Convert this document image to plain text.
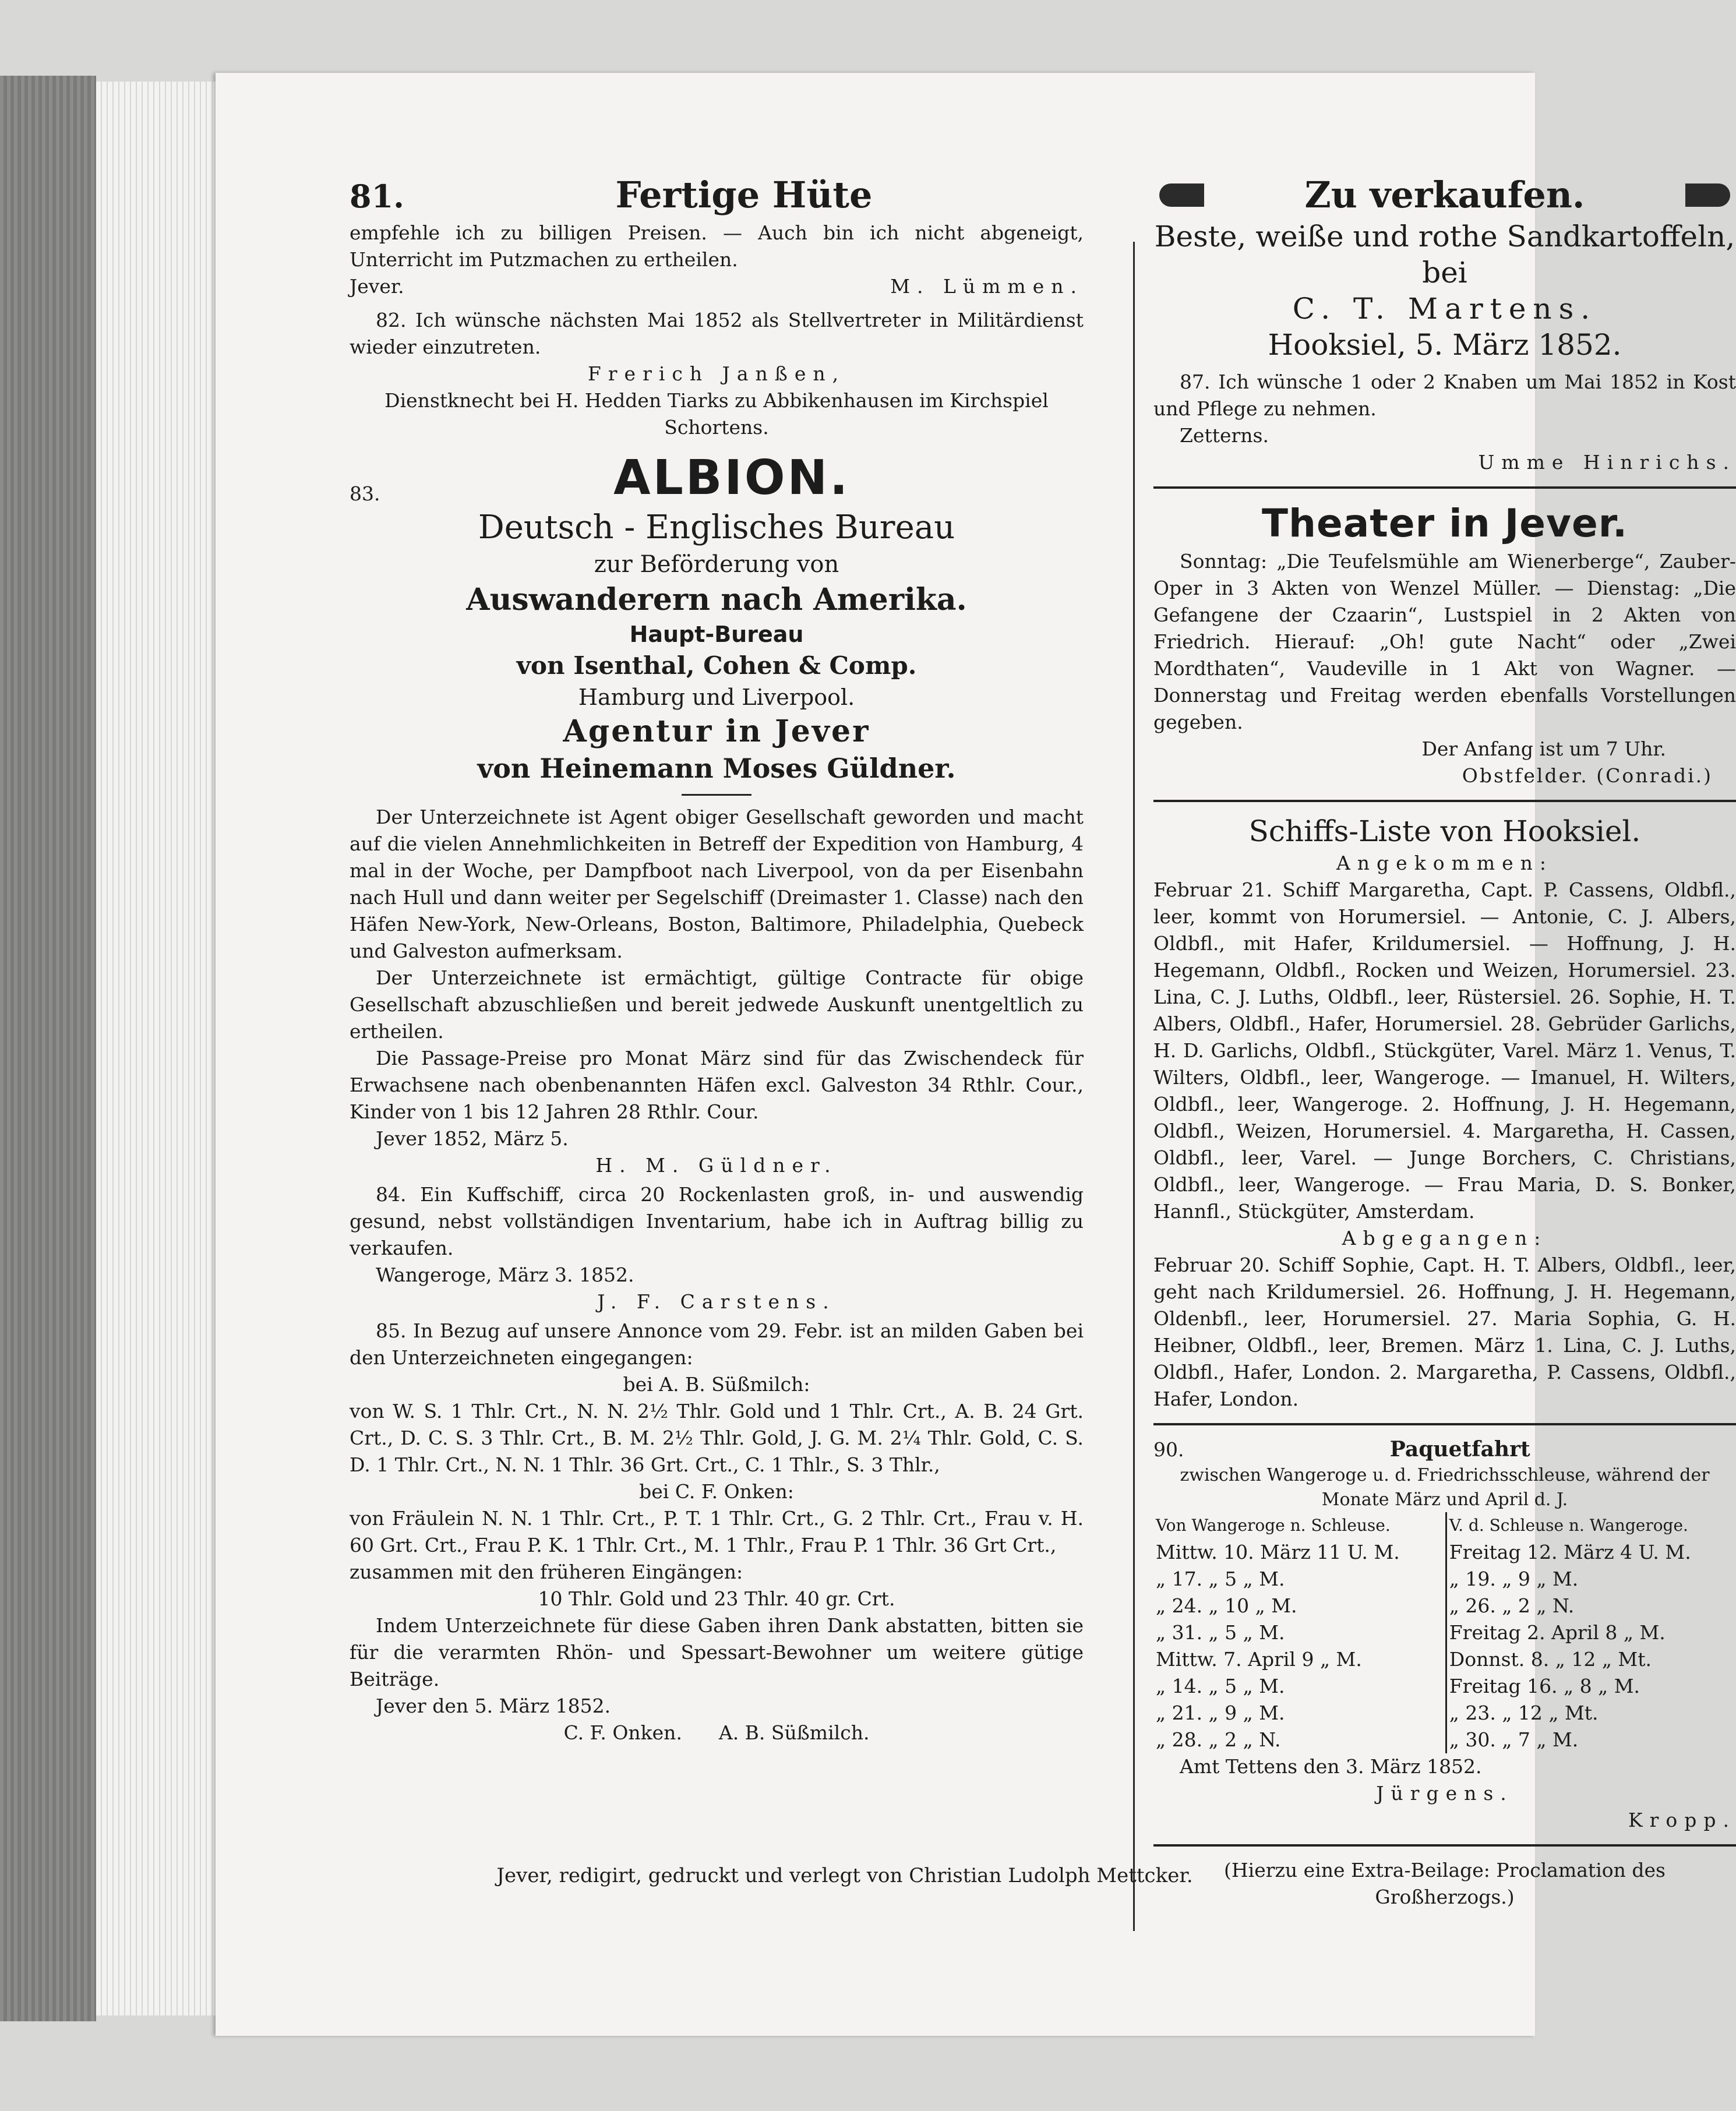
81.	Fertige Hüte

empfehle ich zu billigen Preisen. — Auch bin ich nicht abgeneigt, Unterricht im Putzmachen zu ertheilen.

Jever.	M. Lümmen.

82. Ich wünsche nächsten Mai 1852 als Stellvertreter in Militärdienst wieder einzutreten.

Frerich Janßen,

Dienstknecht bei H. Hedden Tiarks zu Abbikenhausen im Kirchspiel Schortens.

83.	ALBION.

Deutsch - Englisches Bureau

zur Beförderung von

Auswanderern nach Amerika.

Haupt-Bureau

von Isenthal, Cohen & Comp.

Hamburg und Liverpool.

Agentur in Jever

von Heinemann Moses Güldner.

Der Unterzeichnete ist Agent obiger Gesellschaft geworden und macht auf die vielen Annehmlichkeiten in Betreff der Expedition von Hamburg, 4 mal in der Woche, per Dampfboot nach Liverpool, von da per Eisenbahn nach Hull und dann weiter per Segelschiff (Dreimaster 1. Classe) nach den Häfen New-York, New-Orleans, Boston, Baltimore, Philadelphia, Quebeck und Galveston aufmerksam.

Der Unterzeichnete ist ermächtigt, gültige Contracte für obige Gesellschaft abzuschließen und bereit jedwede Auskunft unentgeltlich zu ertheilen.

Die Passage-Preise pro Monat März sind für das Zwischendeck für Erwachsene nach obenbenannten Häfen excl. Galveston 34 Rthlr. Cour., Kinder von 1 bis 12 Jahren 28 Rthlr. Cour.

Jever 1852, März 5.

H. M. Güldner.

84. Ein Kuffschiff, circa 20 Rockenlasten groß, in- und auswendig gesund, nebst vollständigen Inventarium, habe ich in Auftrag billig zu verkaufen.

Wangeroge, März 3. 1852.

J. F. Carstens.

85. In Bezug auf unsere Annonce vom 29. Febr. ist an milden Gaben bei den Unterzeichneten eingegangen:

bei A. B. Süßmilch:

von W. S. 1 Thlr. Crt., N. N. 2½ Thlr. Gold und 1 Thlr. Crt., A. B. 24 Grt. Crt., D. C. S. 3 Thlr. Crt., B. M. 2½ Thlr. Gold, J. G. M. 2¼ Thlr. Gold, C. S. D. 1 Thlr. Crt., N. N. 1 Thlr. 36 Grt. Crt., C. 1 Thlr., S. 3 Thlr.,

bei C. F. Onken:

von Fräulein N. N. 1 Thlr. Crt., P. T. 1 Thlr. Crt., G. 2 Thlr. Crt., Frau v. H. 60 Grt. Crt., Frau P. K. 1 Thlr. Crt., M. 1 Thlr., Frau P. 1 Thlr. 36 Grt Crt.,

zusammen mit den früheren Eingängen:

10 Thlr. Gold und 23 Thlr. 40 gr. Crt.

Indem Unterzeichnete für diese Gaben ihren Dank abstatten, bitten sie für die verarmten Rhön- und Spessart-Bewohner um weitere gütige Beiträge.

Jever den 5. März 1852.

C. F. Onken.      A. B. Süßmilch.

Zu verkaufen.

Beste, weiße und rothe Sandkartoffeln, bei

C. T. Martens.

Hooksiel, 5. März 1852.

87. Ich wünsche 1 oder 2 Knaben um Mai 1852 in Kost und Pflege zu nehmen.

Zetterns.

Umme Hinrichs.

Theater in Jever.

Sonntag: „Die Teufelsmühle am Wienerberge“, Zauber-Oper in 3 Akten von Wenzel Müller. — Dienstag: „Die Gefangene der Czaarin“, Lustspiel in 2 Akten von Friedrich. Hierauf: „Oh! gute Nacht“ oder „Zwei Mordthaten“, Vaudeville in 1 Akt von Wagner. — Donnerstag und Freitag werden ebenfalls Vorstellungen gegeben.

Der Anfang ist um 7 Uhr.

Obstfelder. (Conradi.)

Schiffs-Liste von Hooksiel.

Angekommen:

Februar 21. Schiff Margaretha, Capt. P. Cassens, Oldbfl., leer, kommt von Horumersiel. — Antonie, C. J. Albers, Oldbfl., mit Hafer, Krildumersiel. — Hoffnung, J. H. Hegemann, Oldbfl., Rocken und Weizen, Horumersiel. 23. Lina, C. J. Luths, Oldbfl., leer, Rüstersiel. 26. Sophie, H. T. Albers, Oldbfl., Hafer, Horumersiel. 28. Gebrüder Garlichs, H. D. Garlichs, Oldbfl., Stückgüter, Varel. März 1. Venus, T. Wilters, Oldbfl., leer, Wangeroge. — Imanuel, H. Wilters, Oldbfl., leer, Wangeroge. 2. Hoffnung, J. H. Hegemann, Oldbfl., Weizen, Horumersiel. 4. Margaretha, H. Cassen, Oldbfl., leer, Varel. — Junge Borchers, C. Christians, Oldbfl., leer, Wangeroge. — Frau Maria, D. S. Bonker, Hannfl., Stückgüter, Amsterdam.

Abgegangen:

Februar 20. Schiff Sophie, Capt. H. T. Albers, Oldbfl., leer, geht nach Krildumersiel. 26. Hoffnung, J. H. Hegemann, Oldenbfl., leer, Horumersiel. 27. Maria Sophia, G. H. Heibner, Oldbfl., leer, Bremen. März 1. Lina, C. J. Luths, Oldbfl., Hafer, London. 2. Margaretha, P. Cassens, Oldbfl., Hafer, London.

90.	Paquetfahrt

zwischen Wangeroge u. d. Friedrichsschleuse, während der Monate März und April d. J.

Von Wangeroge n. Schleuse.	V. d. Schleuse n. Wangeroge.
Mittw. 10. März 11 U. M.	Freitag 12. März 4 U. M.
„ 17. „ 5 „ M.	„ 19. „ 9 „ M.
„ 24. „ 10 „ M.	„ 26. „ 2 „ N.
„ 31. „ 5 „ M.	Freitag 2. April 8 „ M.
Mittw. 7. April 9 „ M.	Donnst. 8. „ 12 „ Mt.
„ 14. „ 5 „ M.	Freitag 16. „ 8 „ M.
„ 21. „ 9 „ M.	„ 23. „ 12 „ Mt.
„ 28. „ 2 „ N.	„ 30. „ 7 „ M.

Amt Tettens den 3. März 1852.

Jürgens.

Kropp.

(Hierzu eine Extra-Beilage: Proclamation des Großherzogs.)

Jever, redigirt, gedruckt und verlegt von Christian Ludolph Mettcker.
